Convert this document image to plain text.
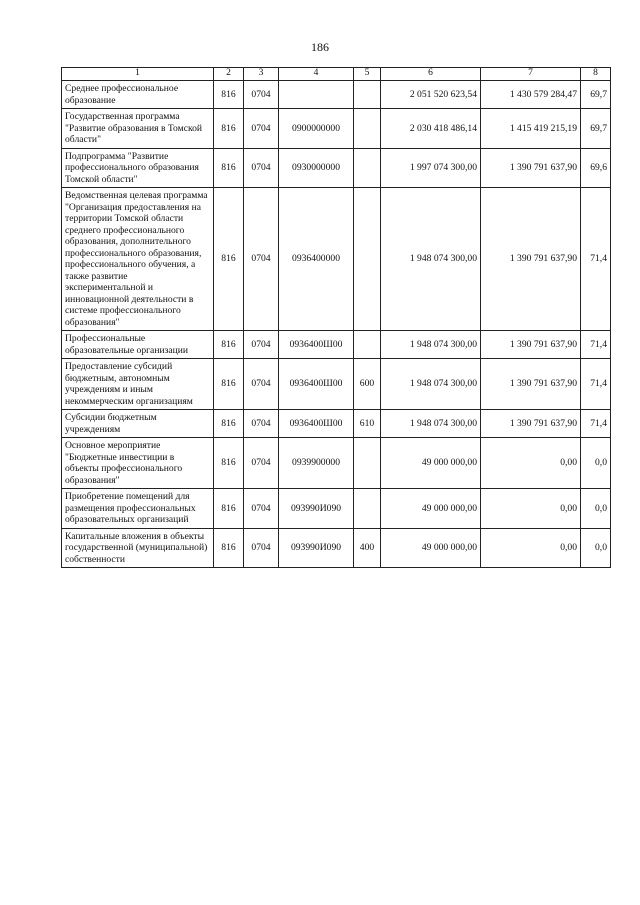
186
1	2	3	4	5	6	7	8
Среднее профессиональное образование	816	0704			2 051 520 623,54	1 430 579 284,47	69,7
Государственная программа "Развитие образования в Томской области"	816	0704	0900000000		2 030 418 486,14	1 415 419 215,19	69,7
Подпрограмма "Развитие профессионального образования Томской области"	816	0704	0930000000		1 997 074 300,00	1 390 791 637,90	69,6
Ведомственная целевая программа "Организация предоставления на территории Томской области среднего профессионального образования, дополнительного профессионального образования, профессионального обучения, а также развитие экспериментальной и инновационной деятельности в системе профессионального образования"	816	0704	0936400000		1 948 074 300,00	1 390 791 637,90	71,4
Профессиональные образовательные организации	816	0704	0936400Ш00		1 948 074 300,00	1 390 791 637,90	71,4
Предоставление субсидий бюджетным, автономным учреждениям и иным некоммерческим организациям	816	0704	0936400Ш00	600	1 948 074 300,00	1 390 791 637,90	71,4
Субсидии бюджетным учреждениям	816	0704	0936400Ш00	610	1 948 074 300,00	1 390 791 637,90	71,4
Основное мероприятие "Бюджетные инвестиции в объекты профессионального образования"	816	0704	0939900000		49 000 000,00	0,00	0,0
Приобретение помещений для размещения профессиональных образовательных организаций	816	0704	093990И090		49 000 000,00	0,00	0,0
Капитальные вложения в объекты государственной (муниципальной) собственности	816	0704	093990И090	400	49 000 000,00	0,00	0,0
